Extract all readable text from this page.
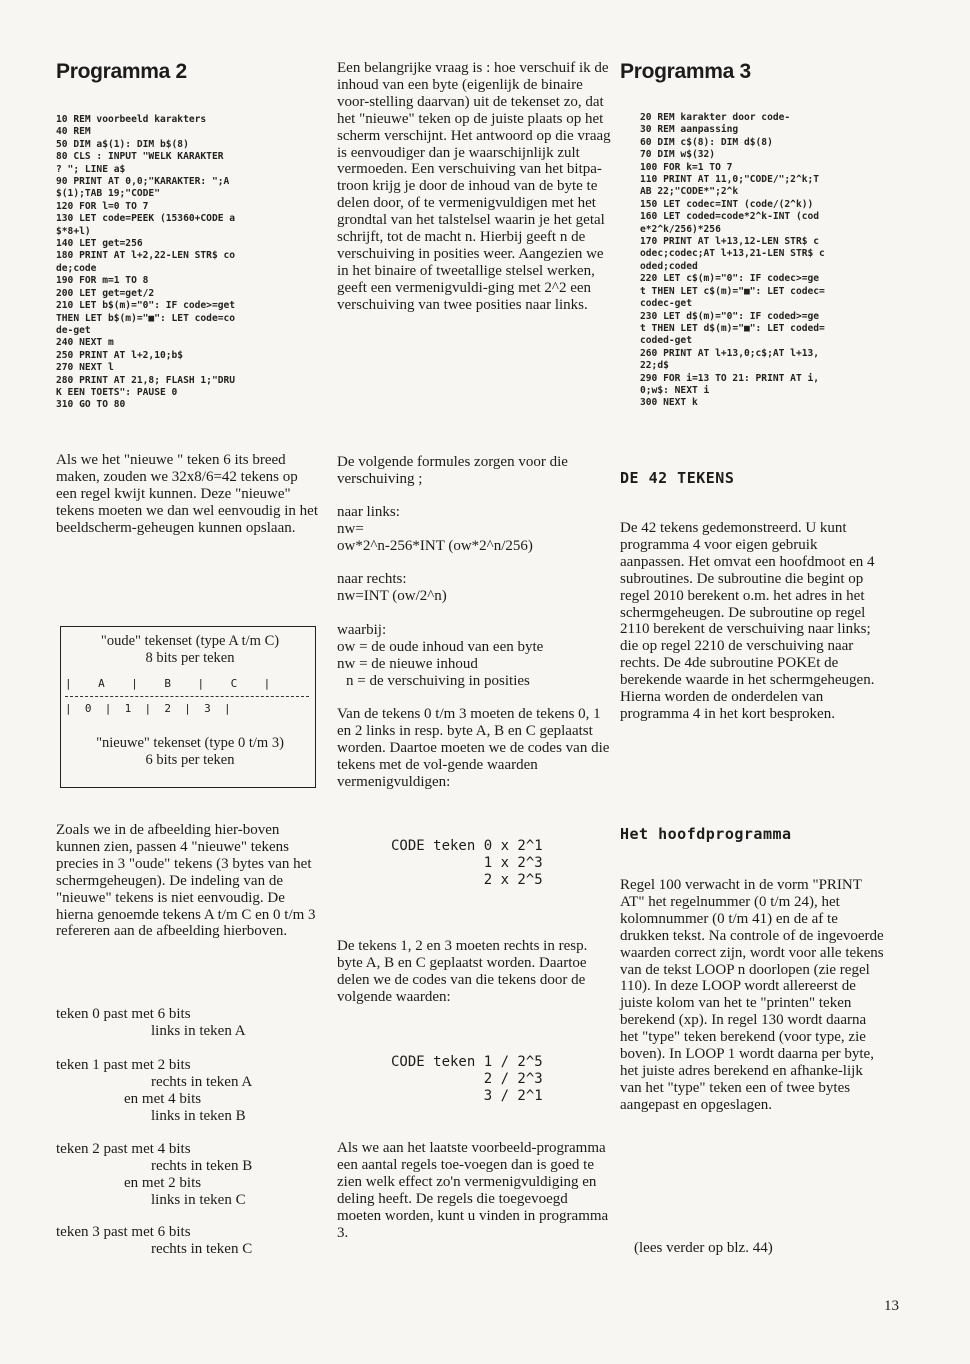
Programma 2
10 REM voorbeeld karakters
40 REM
50 DIM a$(1): DIM b$(8)
80 CLS : INPUT "WELK KARAKTER
? "; LINE a$
90 PRINT AT 0,0;"KARAKTER: ";A
$(1);TAB 19;"CODE"
120 FOR l=0 TO 7
130 LET code=PEEK (15360+CODE a
$*8+l)
140 LET get=256
180 PRINT AT l+2,22-LEN STR$ co
de;code
190 FOR m=1 TO 8
200 LET get=get/2
210 LET b$(m)="0": IF code>=get
THEN LET b$(m)="■": LET code=co
de-get
240 NEXT m
250 PRINT AT l+2,10;b$
270 NEXT l
280 PRINT AT 21,8; FLASH 1;"DRU
K EEN TOETS": PAUSE 0
310 GO TO 80

Als we het "nieuwe " teken 6 its breed maken, zouden we 32x8/6=42 tekens op een regel kwijt kunnen. Deze "nieuwe" tekens moeten we dan wel eenvoudig in het beeldscherm-geheugen kunnen opslaan.

"oude" tekenset (type A t/m C)
8 bits per teken
|    A    |    B    |    C    |
|  0  |  1  |  2  |  3  |
"nieuwe" tekenset (type 0 t/m 3)
6 bits per teken

Zoals we in de afbeelding hier-boven kunnen zien, passen 4 "nieuwe" tekens precies in 3 "oude" tekens (3 bytes van het schermgeheugen). De indeling van de "nieuwe" tekens is niet eenvoudig. De hierna genoemde tekens A t/m C en 0 t/m 3 refereren aan de afbeelding hierboven.

teken 0 past met 6 bits

links in teken A

teken 1 past met 2 bits

rechts in teken A

en met 4 bits

links in teken B

teken 2 past met 4 bits

rechts in teken B

en met 2 bits

links in teken C

teken 3 past met 6 bits

rechts in teken C

Een belangrijke vraag is : hoe verschuif ik de inhoud van een byte (eigenlijk de binaire voor-stelling daarvan) uit de tekenset zo, dat het "nieuwe" teken op de juiste plaats op het scherm verschijnt. Het antwoord op die vraag is eenvoudiger dan je waarschijnlijk zult vermoeden. Een verschuiving van het bitpa-troon krijg je door de inhoud van de byte te delen door, of te vermenigvuldigen met het grondtal van het talstelsel waarin je het getal schrijft, tot de macht n. Hierbij geeft n de verschuiving in posities weer. Aangezien we in het binaire of tweetallige stelsel werken, geeft een vermenigvuldi-ging met 2^2 een verschuiving van twee posities naar links.

De volgende formules zorgen voor die verschuiving ;

naar links:

nw=

ow*2^n-256*INT (ow*2^n/256)

naar rechts:

nw=INT (ow/2^n)

waarbij:

ow = de oude inhoud van een byte

nw = de nieuwe inhoud

n = de verschuiving in posities

Van de tekens 0 t/m 3 moeten de tekens 0, 1 en 2 links in resp. byte A, B en C geplaatst worden. Daartoe moeten we de codes van die tekens met de vol-gende waarden vermenigvuldigen:

CODE teken 0 x 2^1
1 x 2^3
2 x 2^5

De tekens 1, 2 en 3 moeten rechts in resp. byte A, B en C geplaatst worden. Daartoe delen we de codes van die tekens door de volgende waarden:

CODE teken 1 / 2^5
2 / 2^3
3 / 2^1

Als we aan het laatste voorbeeld-programma een aantal regels toe-voegen dan is goed te zien welk effect zo'n vermenigvuldiging en deling heeft. De regels die toegevoegd moeten worden, kunt u vinden in programma 3.

Programma 3
20 REM karakter door code-
30 REM aanpassing
60 DIM c$(8): DIM d$(8)
70 DIM w$(32)
100 FOR k=1 TO 7
110 PRINT AT 11,0;"CODE/";2^k;T
AB 22;"CODE*";2^k
150 LET codec=INT (code/(2^k))
160 LET coded=code*2^k-INT (cod
e*2^k/256)*256
170 PRINT AT l+13,12-LEN STR$ c
odec;codec;AT l+13,21-LEN STR$ c
oded;coded
220 LET c$(m)="0": IF codec>=ge
t THEN LET c$(m)="■": LET codec=
codec-get
230 LET d$(m)="0": IF coded>=ge
t THEN LET d$(m)="■": LET coded=
coded-get
260 PRINT AT l+13,0;c$;AT l+13,
22;d$
290 FOR i=13 TO 21: PRINT AT i,
0;w$: NEXT i
300 NEXT k
DE 42 TEKENS

De 42 tekens gedemonstreerd. U kunt programma 4 voor eigen gebruik aanpassen. Het omvat een hoofdmoot en 4 subroutines. De subroutine die begint op regel 2010 berekent o.m. het adres in het schermgeheugen. De subroutine op regel 2110 berekent de verschuiving naar links; die op regel 2210 de verschuiving naar rechts. De 4de subroutine POKEt de berekende waarde in het schermgeheugen. Hierna worden de onderdelen van programma 4 in het kort besproken.

Het hoofdprogramma

Regel 100 verwacht in de vorm "PRINT AT" het regelnummer (0 t/m 24), het kolomnummer (0 t/m 41) en de af te drukken tekst. Na controle of de ingevoerde waarden correct zijn, wordt voor alle tekens van de tekst LOOP n doorlopen (zie regel 110). In deze LOOP wordt allereerst de juiste kolom van het te "printen" teken berekend (xp). In regel 130 wordt daarna het "type" teken berekend (voor type, zie boven). In LOOP 1 wordt daarna per byte, het juiste adres berekend en afhanke-lijk van het "type" teken een of twee bytes aangepast en opgeslagen.

(lees verder op blz. 44)

13
